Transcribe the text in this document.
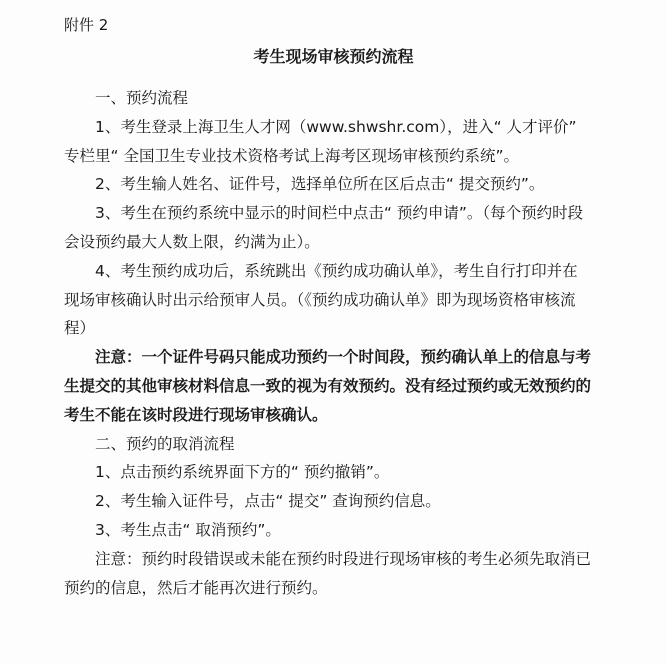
附件 2
考生现场审核预约流程

一、预约流程

1、考生登录上海卫生人才网（www.shwshr.com），进入“ 人才评价” 专栏里“ 全国卫生专业技术资格考试上海考区现场审核预约系统”。

2、考生输人姓名、证件号，选择单位所在区后点击“ 提交预约”。

3、考生在预约系统中显示的时间栏中点击“ 预约申请”。（每个预约时段会设预约最大人数上限，约满为止）。

4、考生预约成功后，系统跳出《预约成功确认单》，考生自行打印并在现场审核确认时出示给预审人员。（《预约成功确认单》即为现场资格审核流程）

注意：一个证件号码只能成功预约一个时间段，预约确认单上的信息与考生提交的其他审核材料信息一致的视为有效预约。没有经过预约或无效预约的考生不能在该时段进行现场审核确认。

二、预约的取消流程

1、点击预约系统界面下方的“ 预约撤销”。

2、考生输入证件号，点击“ 提交” 查询预约信息。

3、考生点击“ 取消预约”。

注意：预约时段错误或未能在预约时段进行现场审核的考生必须先取消已预约的信息，然后才能再次进行预约。
